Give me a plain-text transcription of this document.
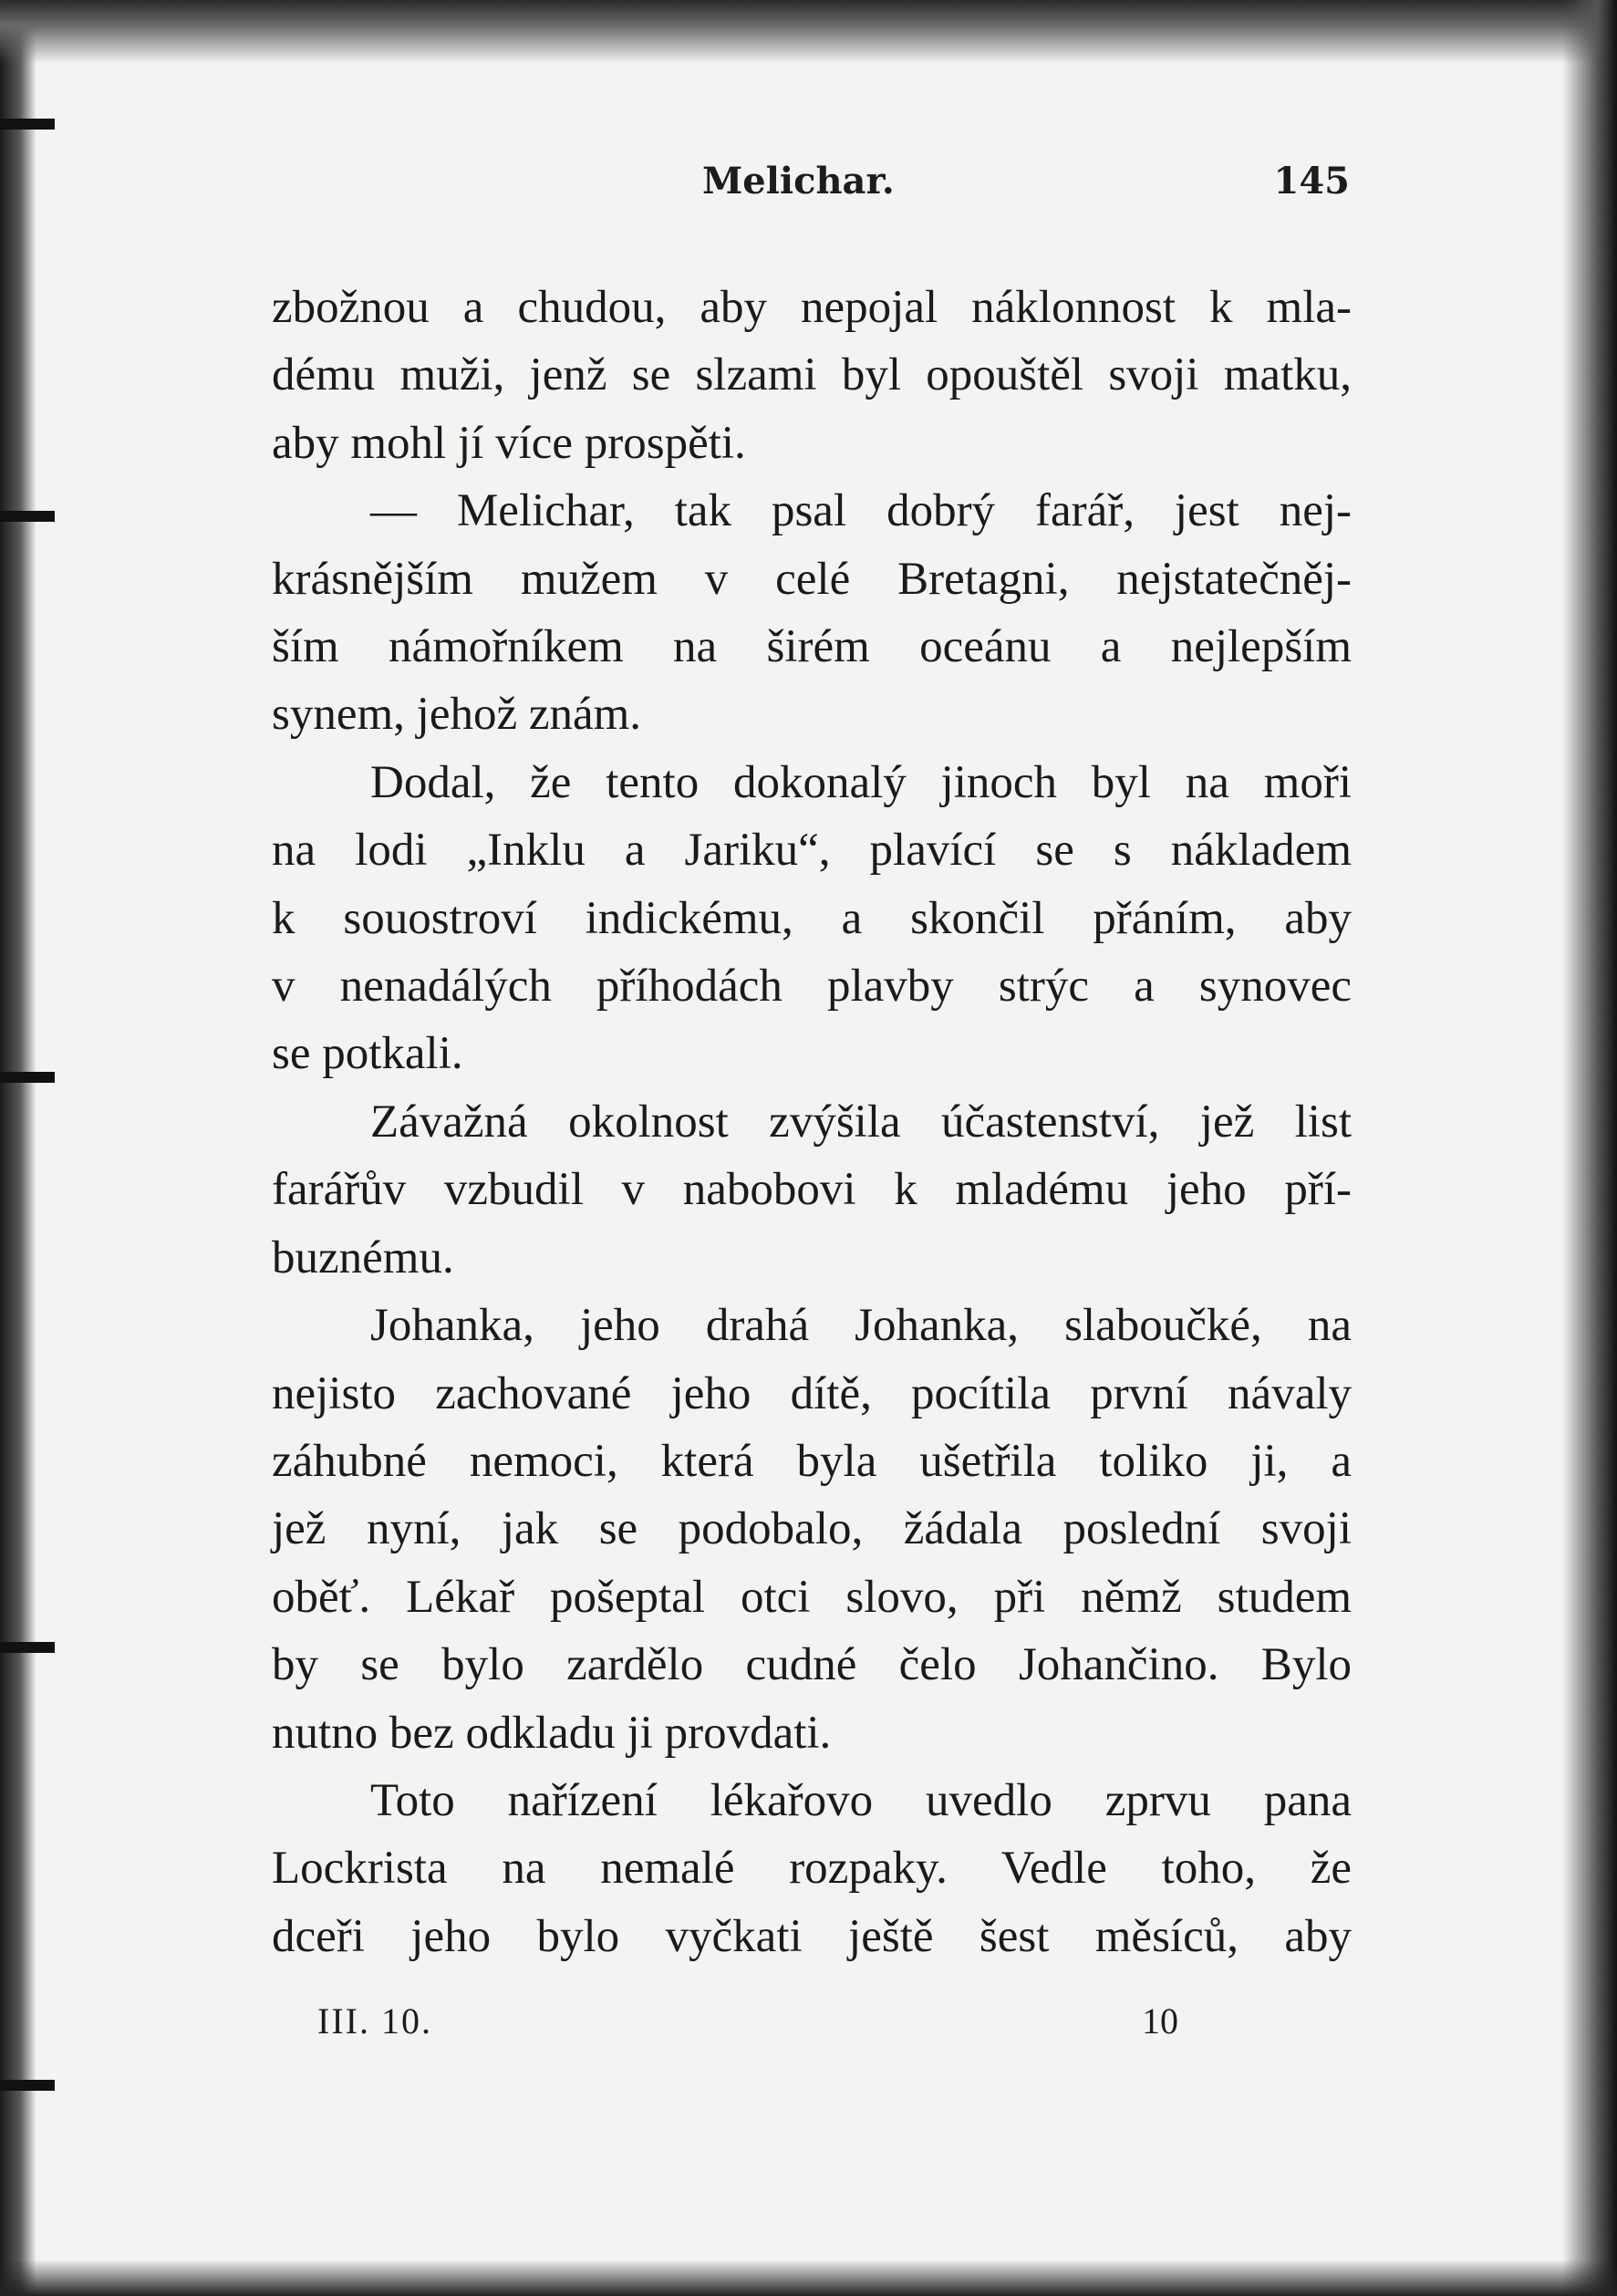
Melichar.	145

zbožnou a chudou, aby nepojal náklonnost k mla-
dému muži, jenž se slzami byl opouštěl svoji matku,
aby mohl jí více prospěti.

— Melichar, tak psal dobrý farář, jest nej-
krásnějším mužem v celé Bretagni, nejstatečněj-
ším námořníkem na širém oceánu a nejlepším
synem, jehož znám.

Dodal, že tento dokonalý jinoch byl na moři
na lodi „Inklu a Jariku“, plavící se s nákladem
k souostroví indickému, a skončil přáním, aby
v nenadálých příhodách plavby strýc a synovec
se potkali.

Závažná okolnost zvýšila účastenství, jež list
farářův vzbudil v nabobovi k mladému jeho pří-
buznému.

Johanka, jeho drahá Johanka, slaboučké, na
nejisto zachované jeho dítě, pocítila první návaly
záhubné nemoci, která byla ušetřila toliko ji, a
jež nyní, jak se podobalo, žádala poslední svoji
oběť. Lékař pošeptal otci slovo, při němž studem
by se bylo zardělo cudné čelo Johančino. Bylo
nutno bez odkladu ji provdati.

Toto nařízení lékařovo uvedlo zprvu pana
Lockrista na nemalé rozpaky. Vedle toho, že
dceři jeho bylo vyčkati ještě šest měsíců, aby

III. 10.	10
